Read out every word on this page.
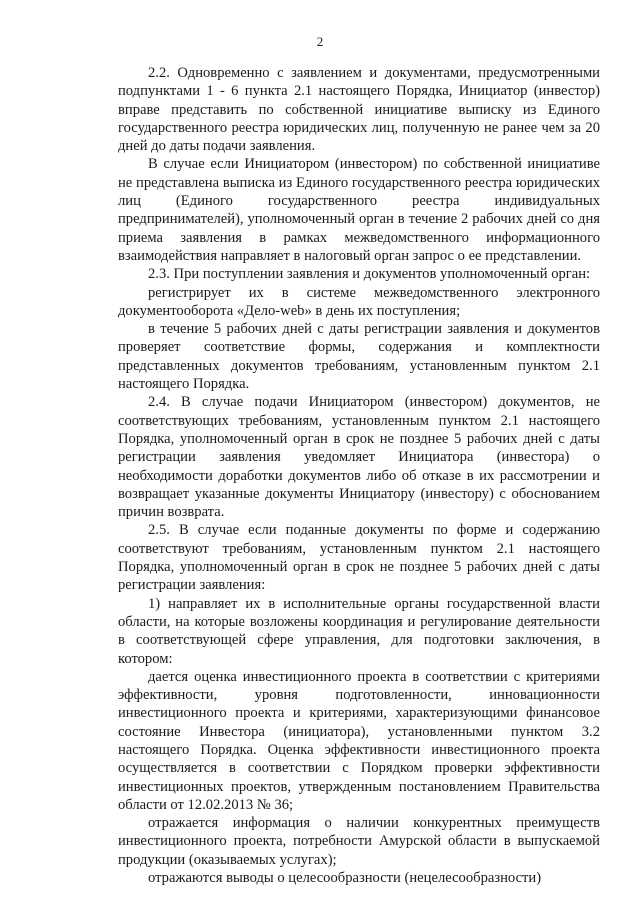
2

2.2. Одновременно с заявлением и документами, предусмотренными подпунктами 1 - 6 пункта 2.1 настоящего Порядка, Инициатор (инвестор) вправе представить по собственной инициативе выписку из Единого государственного реестра юридических лиц, полученную не ранее чем за 20 дней до даты подачи заявления.

В случае если Инициатором (инвестором) по собственной инициативе не представлена выписка из Единого государственного реестра юридических лиц (Единого государственного реестра индивидуальных предпринимателей), уполномоченный орган в течение 2 рабочих дней со дня приема заявления в рамках межведомственного информационного взаимодействия направляет в налоговый орган запрос о ее представлении.

2.3. При поступлении заявления и документов уполномоченный орган:

регистрирует их в системе межведомственного электронного документооборота «Дело-web» в день их поступления;

в течение 5 рабочих дней с даты регистрации заявления и документов проверяет соответствие формы, содержания и комплектности представленных документов требованиям, установленным пунктом 2.1 настоящего Порядка.

2.4. В случае подачи Инициатором (инвестором) документов, не соответствующих требованиям, установленным пунктом 2.1 настоящего Порядка, уполномоченный орган в срок не позднее 5 рабочих дней с даты регистрации заявления уведомляет Инициатора (инвестора) о необходимости доработки документов либо об отказе в их рассмотрении и возвращает указанные документы Инициатору (инвестору) с обоснованием причин возврата.

2.5. В случае если поданные документы по форме и содержанию соответствуют требованиям, установленным пунктом 2.1 настоящего Порядка, уполномоченный орган в срок не позднее 5 рабочих дней с даты регистрации заявления:

1) направляет их в исполнительные органы государственной власти области, на которые возложены координация и регулирование деятельности в соответствующей сфере управления, для подготовки заключения, в котором:

дается оценка инвестиционного проекта в соответствии с критериями эффективности, уровня подготовленности, инновационности инвестиционного проекта и критериями, характеризующими финансовое состояние Инвестора (инициатора), установленными пунктом 3.2 настоящего Порядка. Оценка эффективности инвестиционного проекта осуществляется в соответствии с Порядком проверки эффективности инвестиционных проектов, утвержденным постановлением Правительства области от 12.02.2013 № 36;

отражается информация о наличии конкурентных преимуществ инвестиционного проекта, потребности Амурской области в выпускаемой продукции (оказываемых услугах);

отражаются выводы о целесообразности (нецелесообразности)
